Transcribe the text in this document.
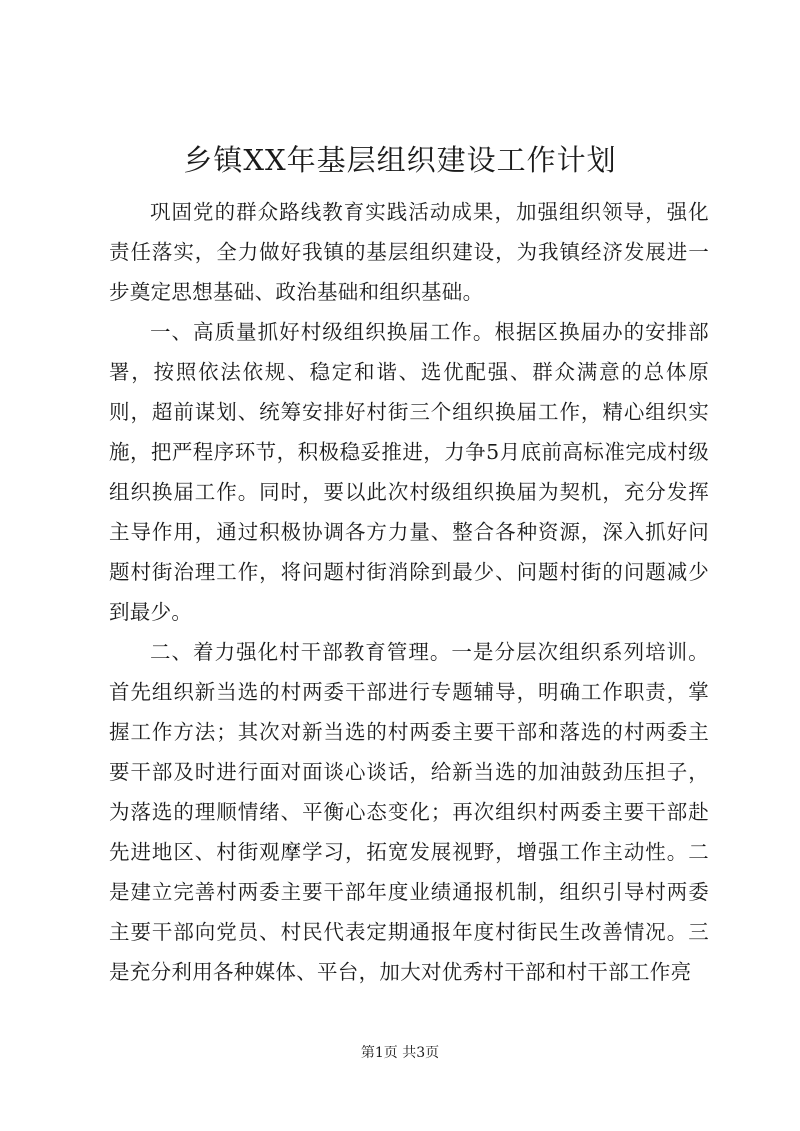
乡镇XX年基层组织建设工作计划

巩固党的群众路线教育实践活动成果，加强组织领导，强化责任落实，全力做好我镇的基层组织建设，为我镇经济发展进一步奠定思想基础、政治基础和组织基础。

一、高质量抓好村级组织换届工作。根据区换届办的安排部署，按照依法依规、稳定和谐、选优配强、群众满意的总体原则，超前谋划、统筹安排好村街三个组织换届工作，精心组织实施，把严程序环节，积极稳妥推进，力争5月底前高标准完成村级组织换届工作。同时，要以此次村级组织换届为契机，充分发挥主导作用，通过积极协调各方力量、整合各种资源，深入抓好问题村街治理工作，将问题村街消除到最少、问题村街的问题减少到最少。

二、着力强化村干部教育管理。一是分层次组织系列培训。首先组织新当选的村两委干部进行专题辅导，明确工作职责，掌握工作方法；其次对新当选的村两委主要干部和落选的村两委主要干部及时进行面对面谈心谈话，给新当选的加油鼓劲压担子，为落选的理顺情绪、平衡心态变化；再次组织村两委主要干部赴先进地区、村街观摩学习，拓宽发展视野，增强工作主动性。二是建立完善村两委主要干部年度业绩通报机制，组织引导村两委主要干部向党员、村民代表定期通报年度村街民生改善情况。三是充分利用各种媒体、平台，加大对优秀村干部和村干部工作亮

第1页 共3页
